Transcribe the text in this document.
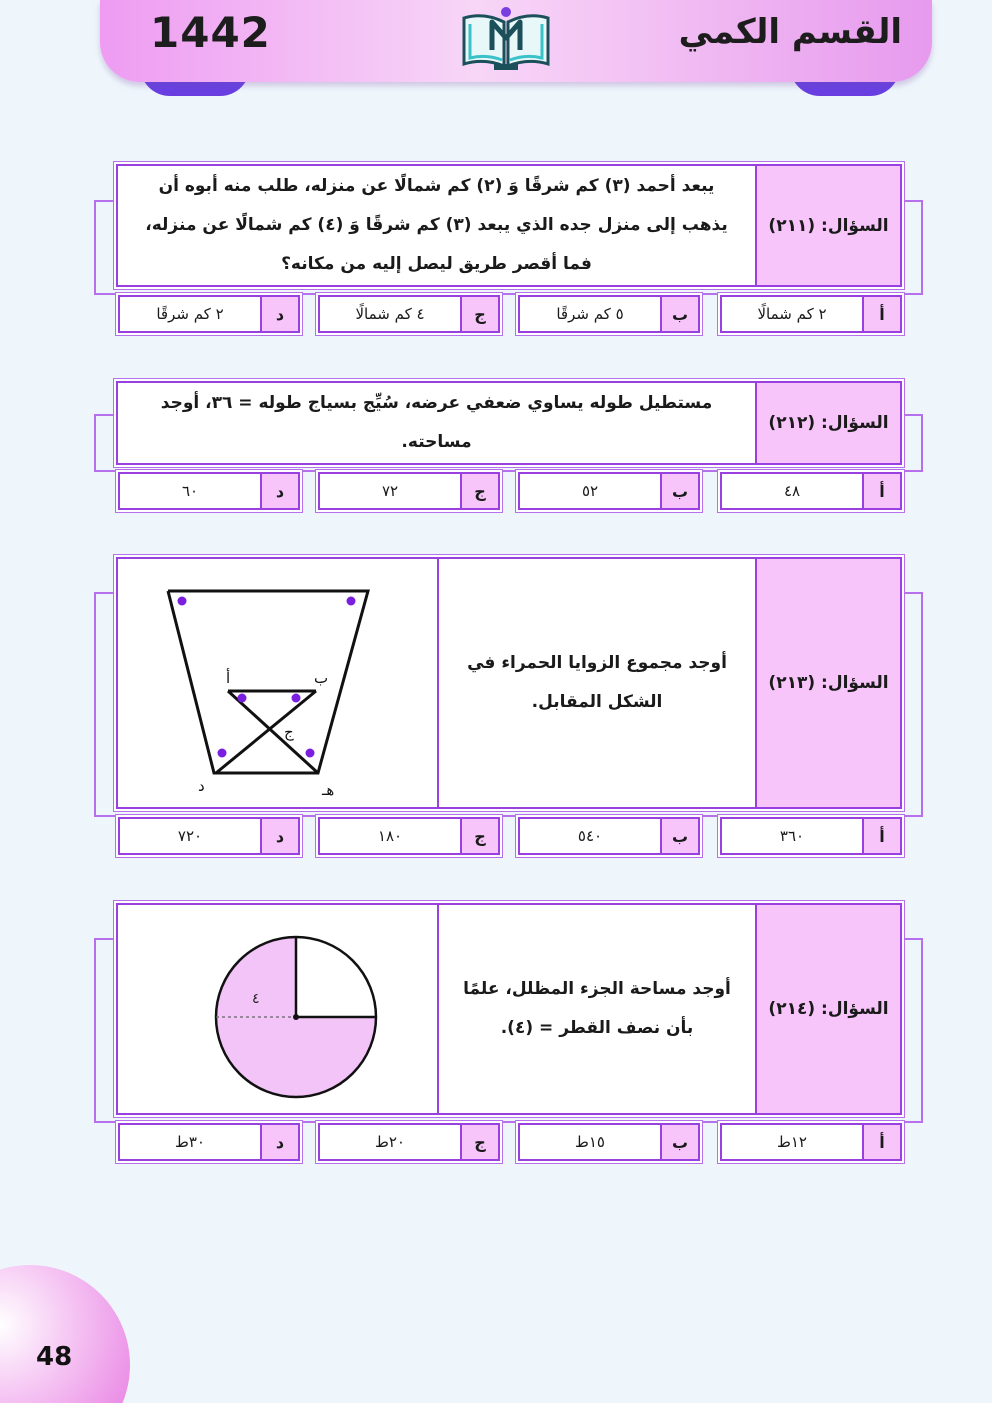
1442	القسم الكمي
يبعد أحمد (٣) كم شرقًا وَ (٢) كم شمالًا عن منزله، طلب منه أبوه أن
يذهب إلى منزل جده الذي يبعد (٣) كم شرقًا وَ (٤) كم شمالًا عن منزله،
فما أقصر طريق ليصل إليه من مكانه؟
السؤال: (٢١١)
أ
٢ كم شمالًا
ب
٥ كم شرقًا
ج
٤ كم شمالًا
د
٢ كم شرقًا
مستطيل طوله يساوي ضعفي عرضه، سُيِّج بسياج طوله = ٣٦، أوجد
مساحته.
السؤال: (٢١٢)
أ
٤٨
ب
٥٢
ج
٧٢
د
٦٠
أ	ب
ج
د	هـ
أوجد مجموع الزوايا الحمراء في
الشكل المقابل.
السؤال: (٢١٣)
أ
٣٦٠
ب
٥٤٠
ج
١٨٠
د
٧٢٠
٤	أوجد مساحة الجزء المظلل، علمًا
بأن نصف القطر = (٤).
السؤال: (٢١٤)
أ
١٢ط
ب
١٥ط
ج
٢٠ط
د
٣٠ط
48
